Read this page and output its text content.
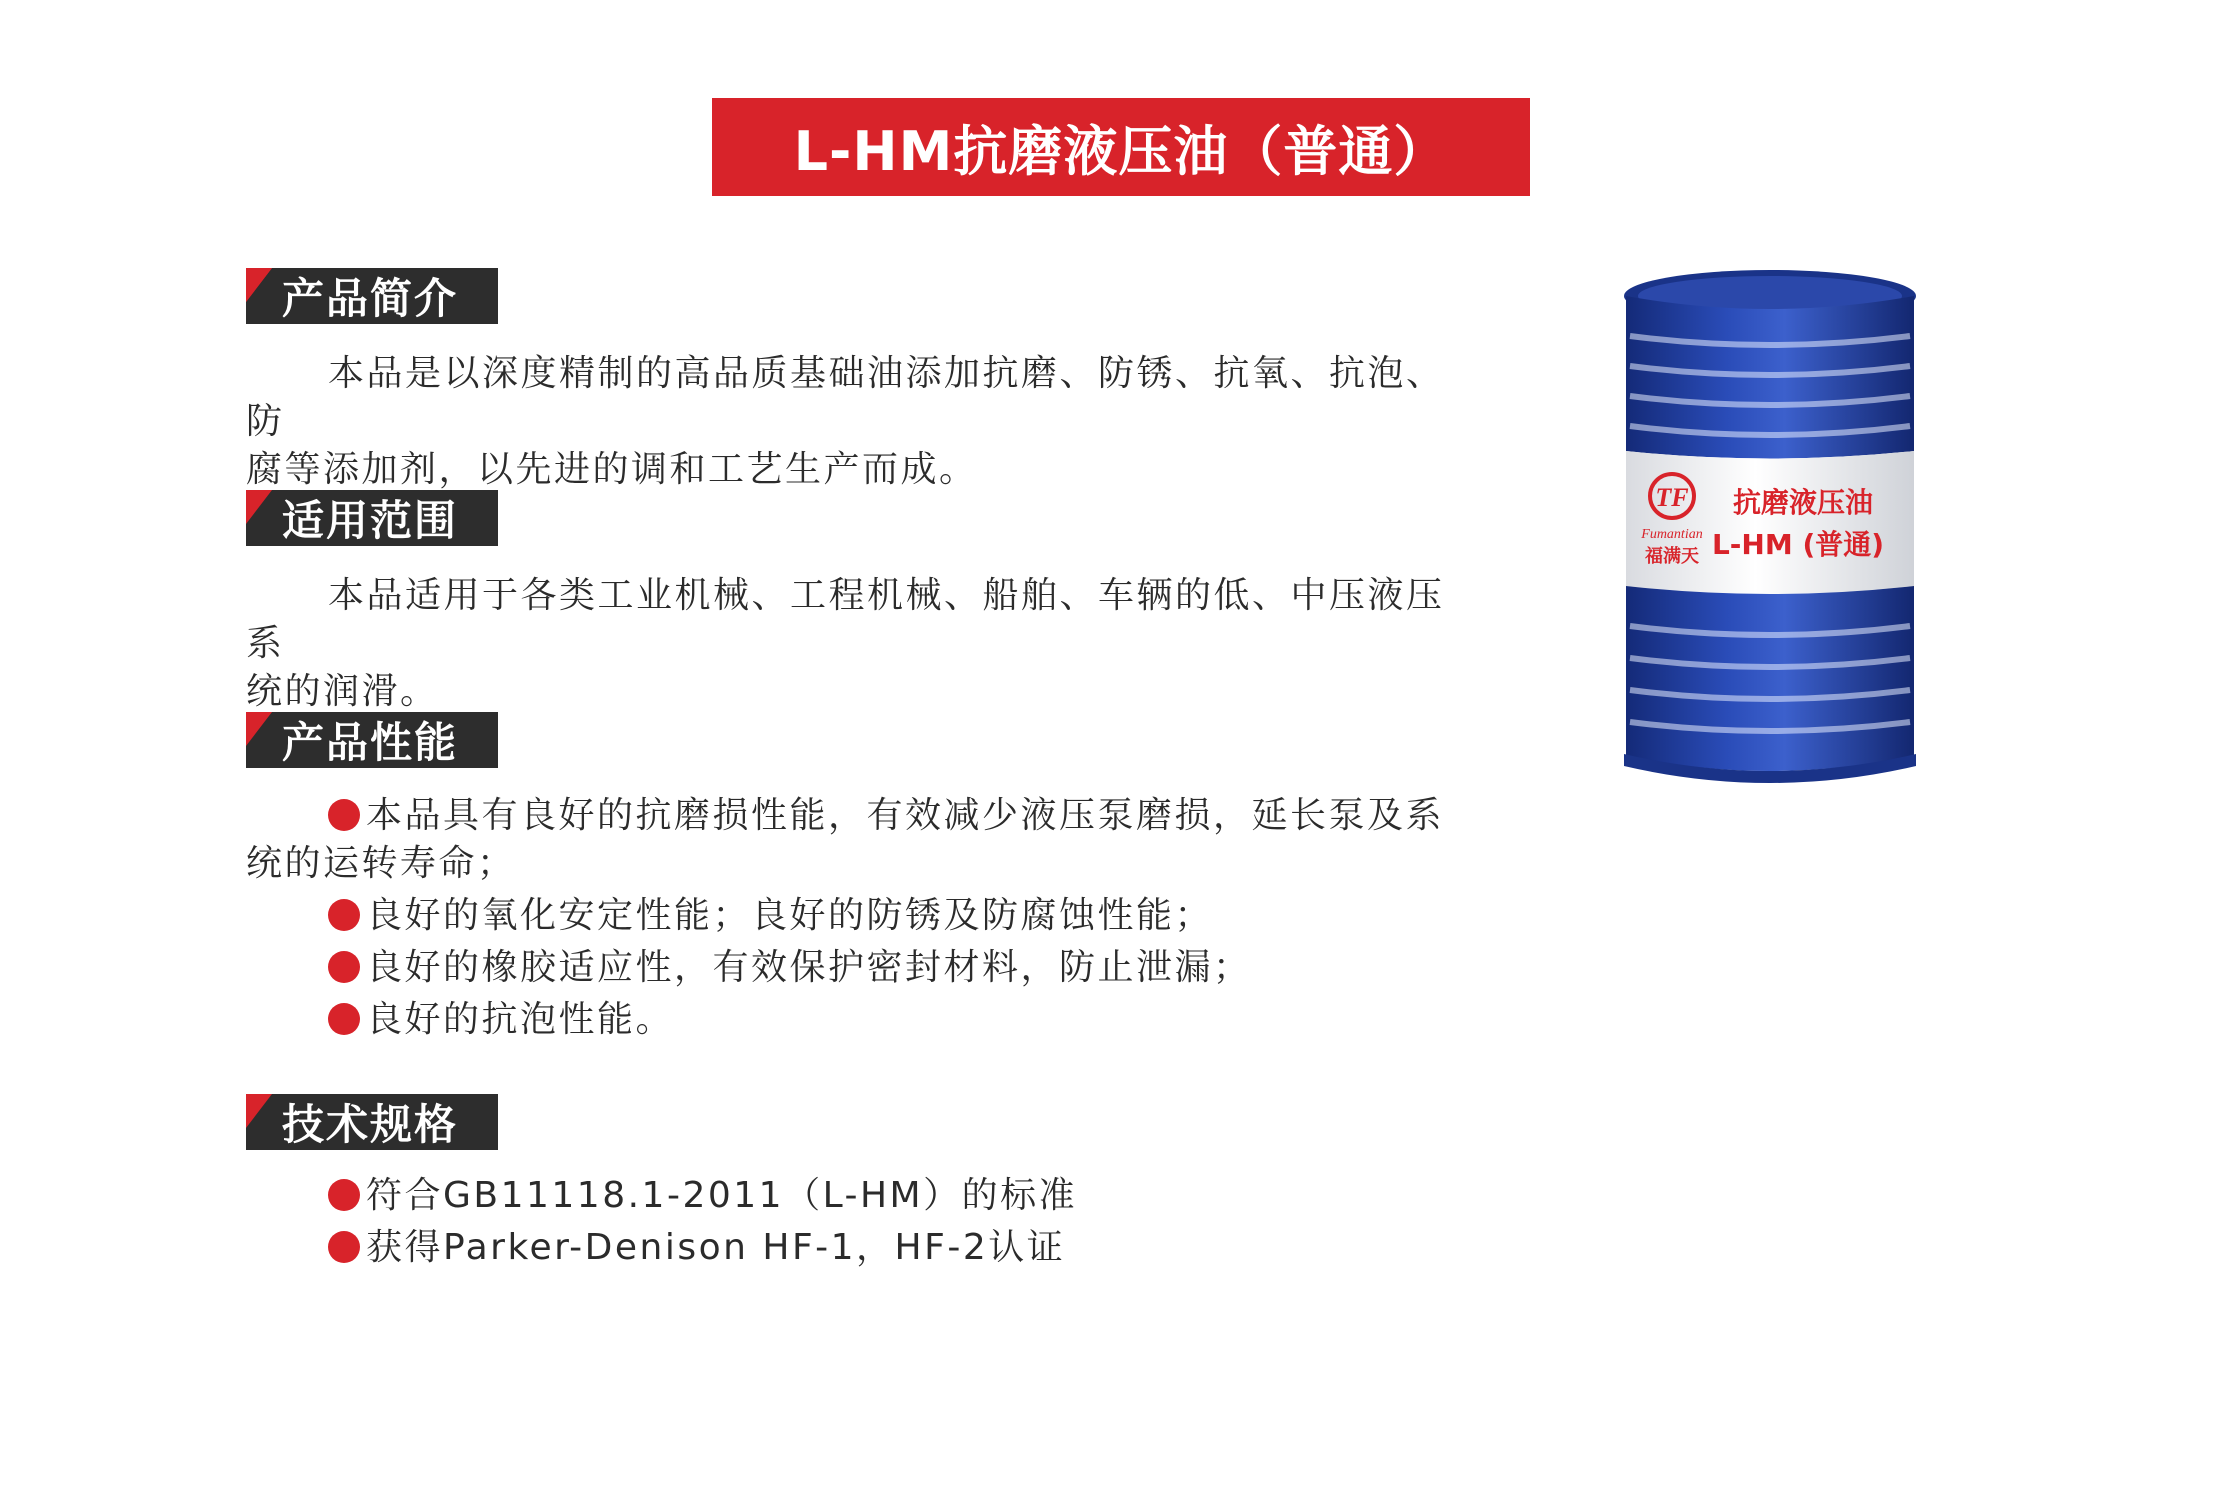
L-HM抗磨液压油（普通）
产品简介
本品是以深度精制的高品质基础油添加抗磨、防锈、抗氧、抗泡、防
腐等添加剂，以先进的调和工艺生产而成。
适用范围
本品适用于各类工业机械、工程机械、船舶、车辆的低、中压液压系
统的润滑。
产品性能
本品具有良好的抗磨损性能，有效减少液压泵磨损，延长泵及系
统的运转寿命；
良好的氧化安定性能；良好的防锈及防腐蚀性能；
良好的橡胶适应性，有效保护密封材料，防止泄漏；
良好的抗泡性能。
技术规格
符合GB11118.1-2011（L-HM）的标准
获得Parker-Denison HF-1，HF-2认证
TF
Fumantian
福满天
抗磨液压油
L-HM (普通)
